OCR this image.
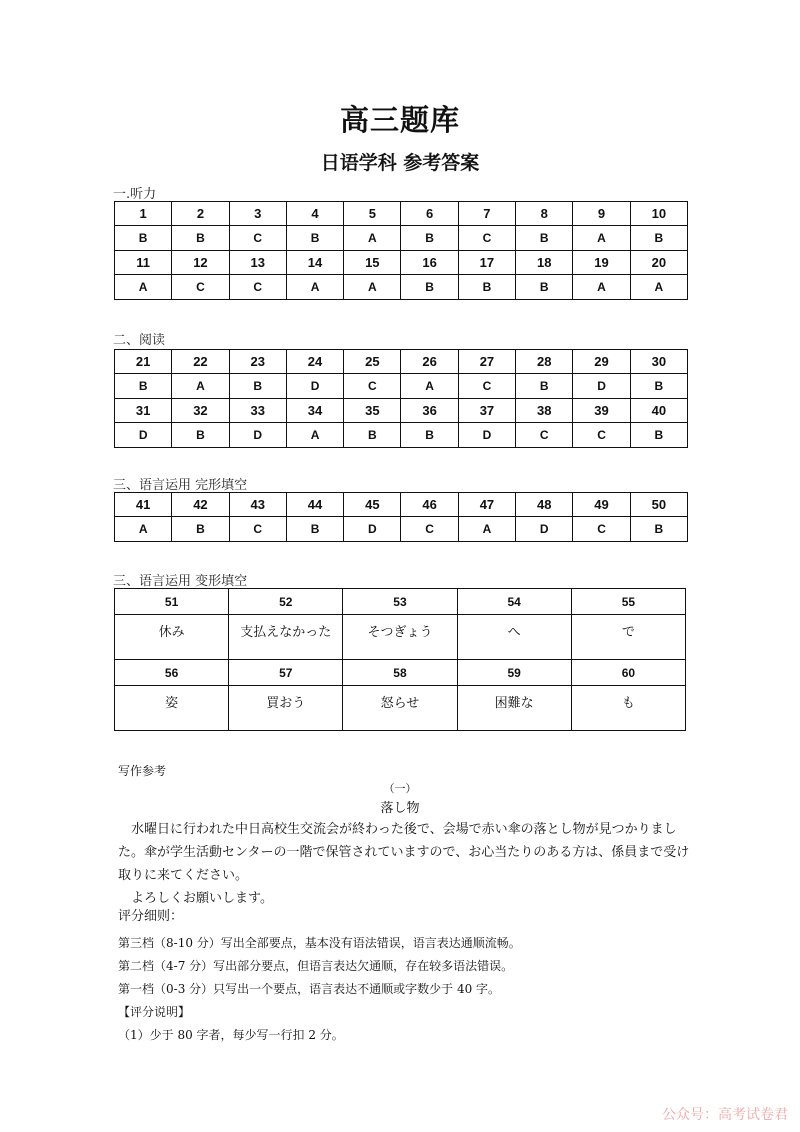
高三题库
日语学科 参考答案
一.听力
1	2	3	4	5	6	7	8	9	10
B	B	C	B	A	B	C	B	A	B
11	12	13	14	15	16	17	18	19	20
A	C	C	A	A	B	B	B	A	A
二、阅读
21	22	23	24	25	26	27	28	29	30
B	A	B	D	C	A	C	B	D	B
31	32	33	34	35	36	37	38	39	40
D	B	D	A	B	B	D	C	C	B
三、语言运用 完形填空
41	42	43	44	45	46	47	48	49	50
A	B	C	B	D	C	A	D	C	B
三、语言运用 变形填空
51	52	53	54	55
休み	支払えなかった	そつぎょう	へ	で
56	57	58	59	60
姿	買おう	怒らせ	困難な	も
写作参考
（一）
落し物

水曜日に行われた中日高校生交流会が終わった後で、会場で赤い傘の落とし物が見つかりました。傘が学生活動センターの一階で保管されていますので、お心当たりのある方は、係員まで受け取りに来てください。

よろしくお願いします。

评分细则：

第三档（8-10 分）写出全部要点，基本没有语法错误，语言表达通顺流畅。

第二档（4-7 分）写出部分要点，但语言表达欠通顺，存在较多语法错误。

第一档（0-3 分）只写出一个要点，语言表达不通顺或字数少于 40 字。

【评分说明】

（1）少于 80 字者，每少写一行扣 2 分。

公众号：高考试卷君
